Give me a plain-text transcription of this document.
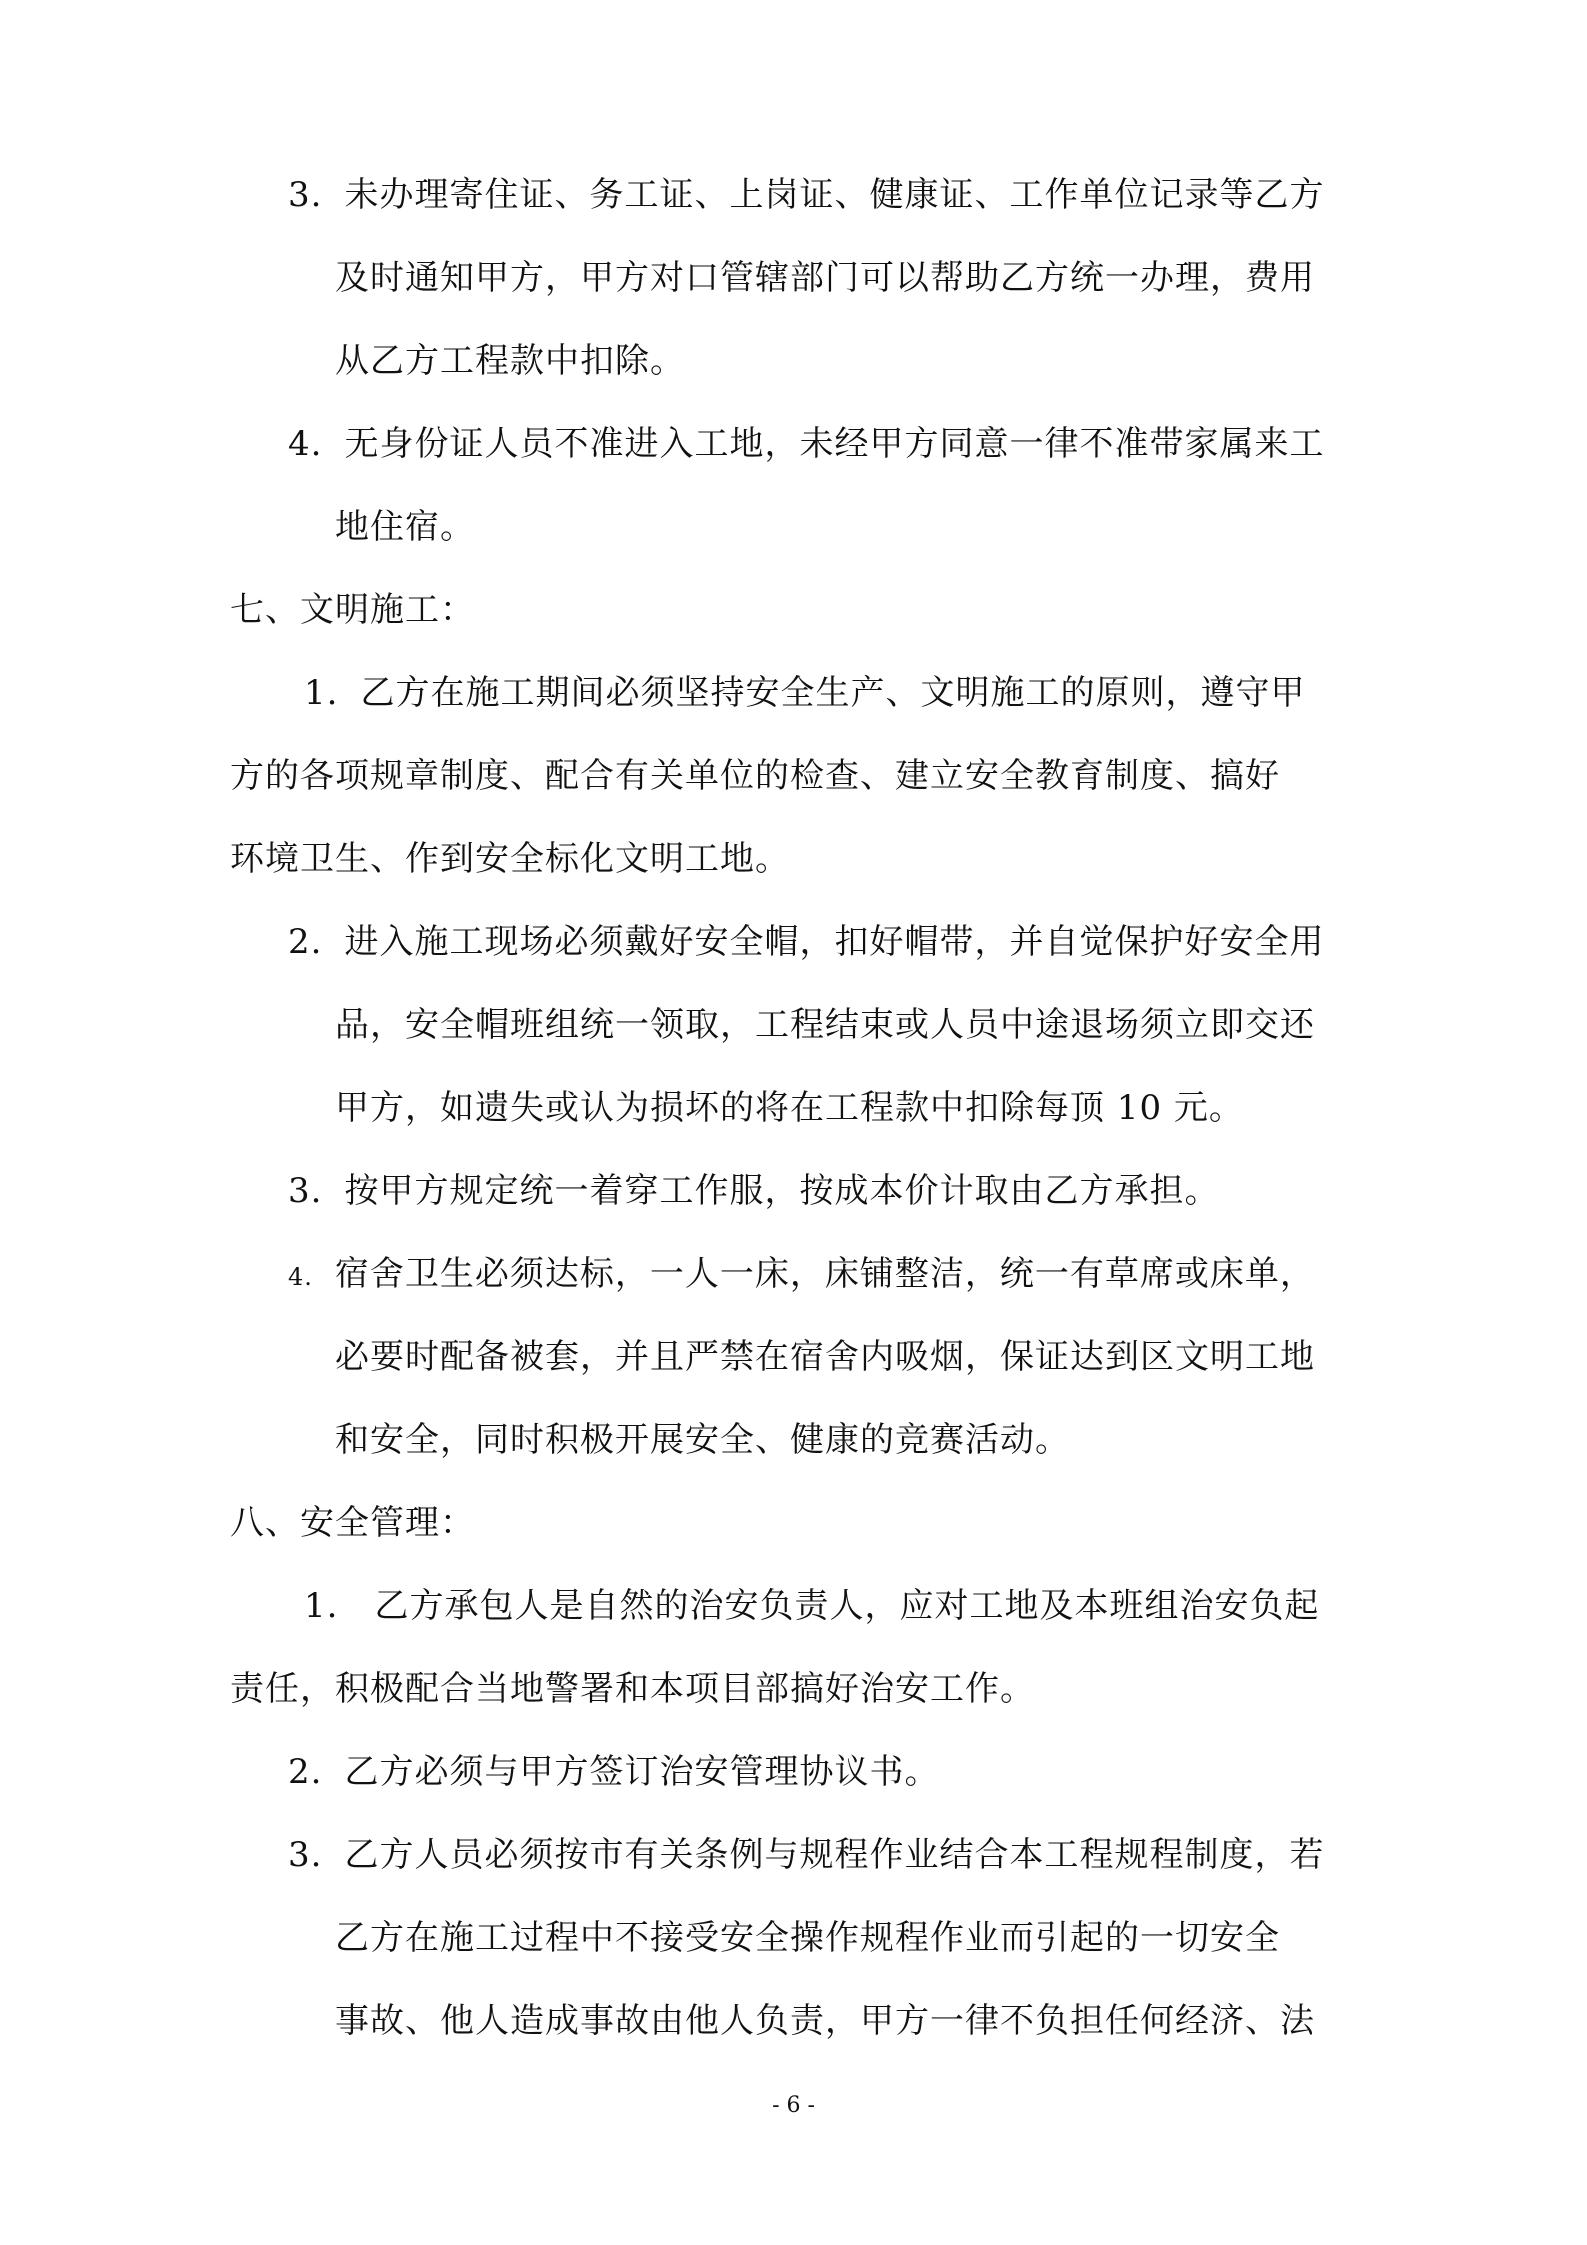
3. 未办理寄住证、务工证、上岗证、健康证、工作单位记录等乙方

及时通知甲方，甲方对口管辖部门可以帮助乙方统一办理，费用

从乙方工程款中扣除。

4. 无身份证人员不准进入工地，未经甲方同意一律不准带家属来工

地住宿。

七、文明施工：

1. 乙方在施工期间必须坚持安全生产、文明施工的原则，遵守甲

方的各项规章制度、配合有关单位的检查、建立安全教育制度、搞好

环境卫生、作到安全标化文明工地。

2. 进入施工现场必须戴好安全帽，扣好帽带，并自觉保护好安全用

品，安全帽班组统一领取，工程结束或人员中途退场须立即交还

甲方，如遗失或认为损坏的将在工程款中扣除每顶 10 元。

3. 按甲方规定统一着穿工作服，按成本价计取由乙方承担。

4. 宿舍卫生必须达标，一人一床，床铺整洁，统一有草席或床单，

必要时配备被套，并且严禁在宿舍内吸烟，保证达到区文明工地

和安全，同时积极开展安全、健康的竞赛活动。

八、安全管理：

1. 乙方承包人是自然的治安负责人，应对工地及本班组治安负起

责任，积极配合当地警署和本项目部搞好治安工作。

2. 乙方必须与甲方签订治安管理协议书。

3. 乙方人员必须按市有关条例与规程作业结合本工程规程制度，若

乙方在施工过程中不接受安全操作规程作业而引起的一切安全

事故、他人造成事故由他人负责，甲方一律不负担任何经济、法

- 6 -
